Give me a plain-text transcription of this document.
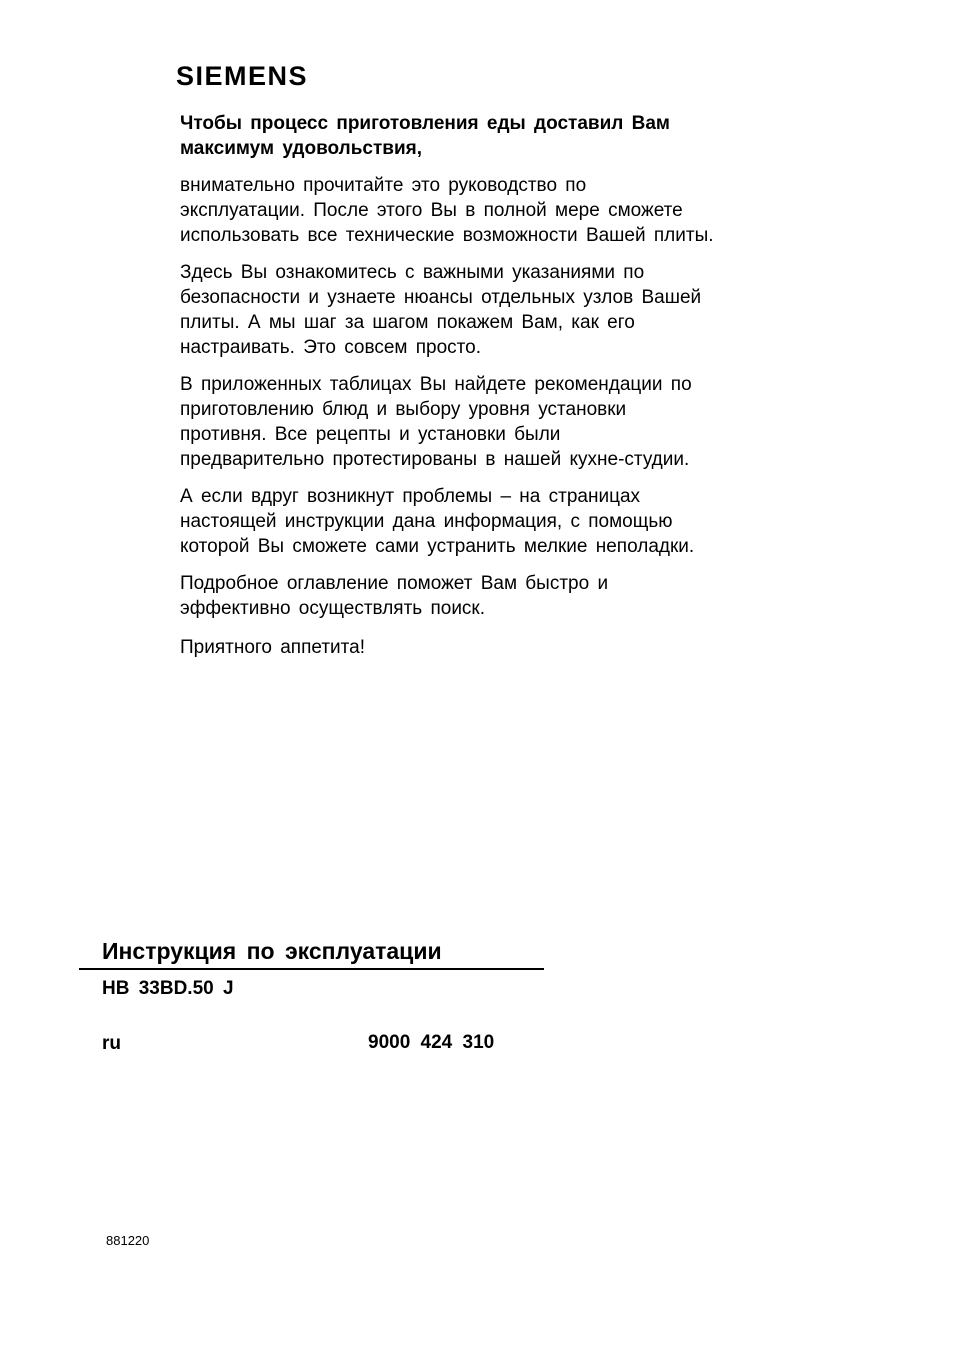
SIEMENS

Чтобы процесс приготовления еды доставил Вам
максимум удовольствия,

внимательно прочитайте это руководство по
эксплуатации. После этого Вы в полной мере сможете
использовать все технические возможности Вашей плиты.

Здесь Вы ознакомитесь с важными указаниями по
безопасности и узнаете нюансы отдельных узлов Вашей
плиты. А мы шаг за шагом покажем Вам, как его
настраивать. Это совсем просто.

В приложенных таблицах Вы найдете рекомендации по
приготовлению блюд и выбору уровня установки
противня. Все рецепты и установки были
предварительно протестированы в нашей кухне-студии.

А если вдруг возникнут проблемы – на страницах
настоящей инструкции дана информация, с помощью
которой Вы сможете сами устранить мелкие неполадки.

Подробное оглавление поможет Вам быстро и
эффективно осуществлять поиск.

Приятного аппетита!

Инструкция по эксплуатации
HB 33BD.50 J
ru	9000 424 310
881220
